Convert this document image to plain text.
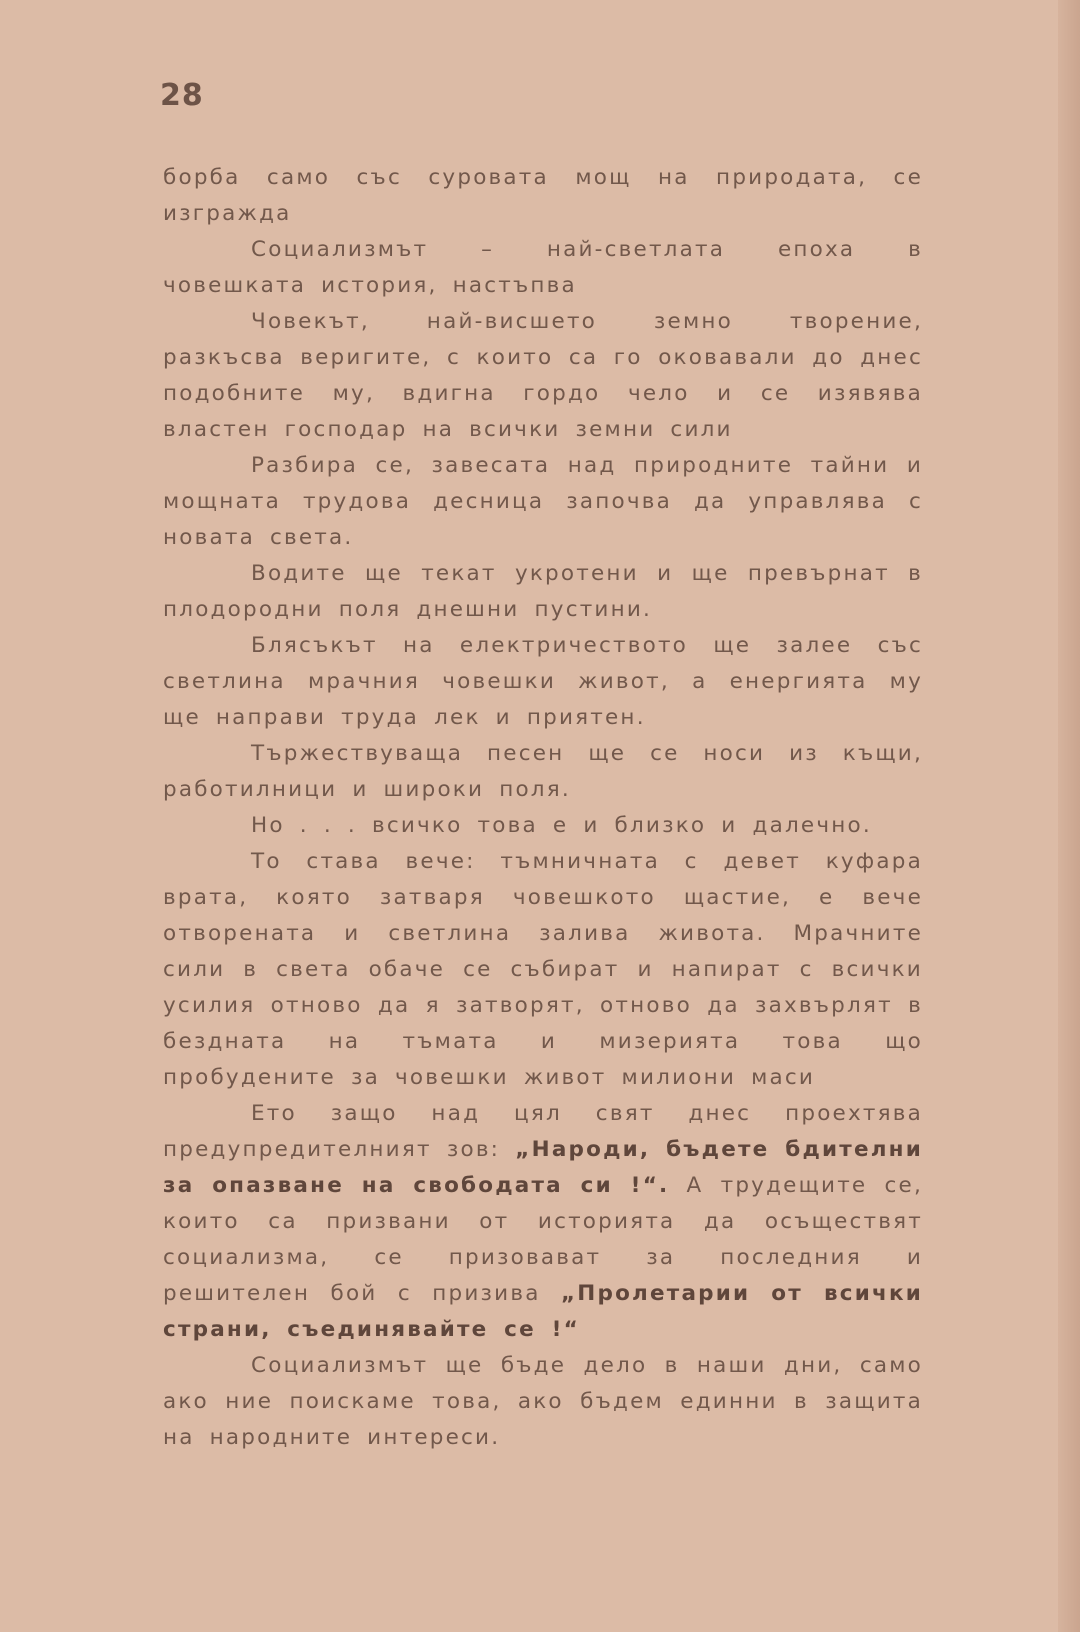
28

борба само със суровата мощ на природата, се изгражда

Социализмът – най-светлата епоха в човешката история, настъпва

Човекът, най-висшето земно творение, разкъсва веригите, с които са го оковавали до днес подобните му, вдигна гордо чело и се изявява властен господар на всички земни сили

Разбира се, завесата над природните тайни и мощната трудова десница започва да управлява с новата света.

Водите ще текат укротени и ще превърнат в плодородни поля днешни пустини.

Блясъкът на електричеството ще залее със светлина мрачния човешки живот, а енергията му ще направи труда лек и приятен.

Тържествуваща песен ще се носи из къщи, работилници и широки поля.

Но . . . всичко това е и близко и далечно.

То става вече: тъмничната с девет куфара врата, която затваря човешкото щастие, е вече отворената и светлина залива живота. Мрачните сили в света обаче се събират и напират с всички усилия отново да я затворят, отново да захвърлят в бездната на тъмата и мизерията това що пробудените за човешки живот милиони маси

Ето защо над цял свят днес проехтява предупредителният зов: „Народи, бъдете бдителни за опазване на свободата си !“. А трудещите се, които са призвани от историята да осъществят социализма, се призовават за последния и решителен бой с призива „Пролетарии от всички страни, съединявайте се !“

Социализмът ще бъде дело в наши дни, само ако ние поискаме това, ако бъдем единни в защита на народните интереси.
